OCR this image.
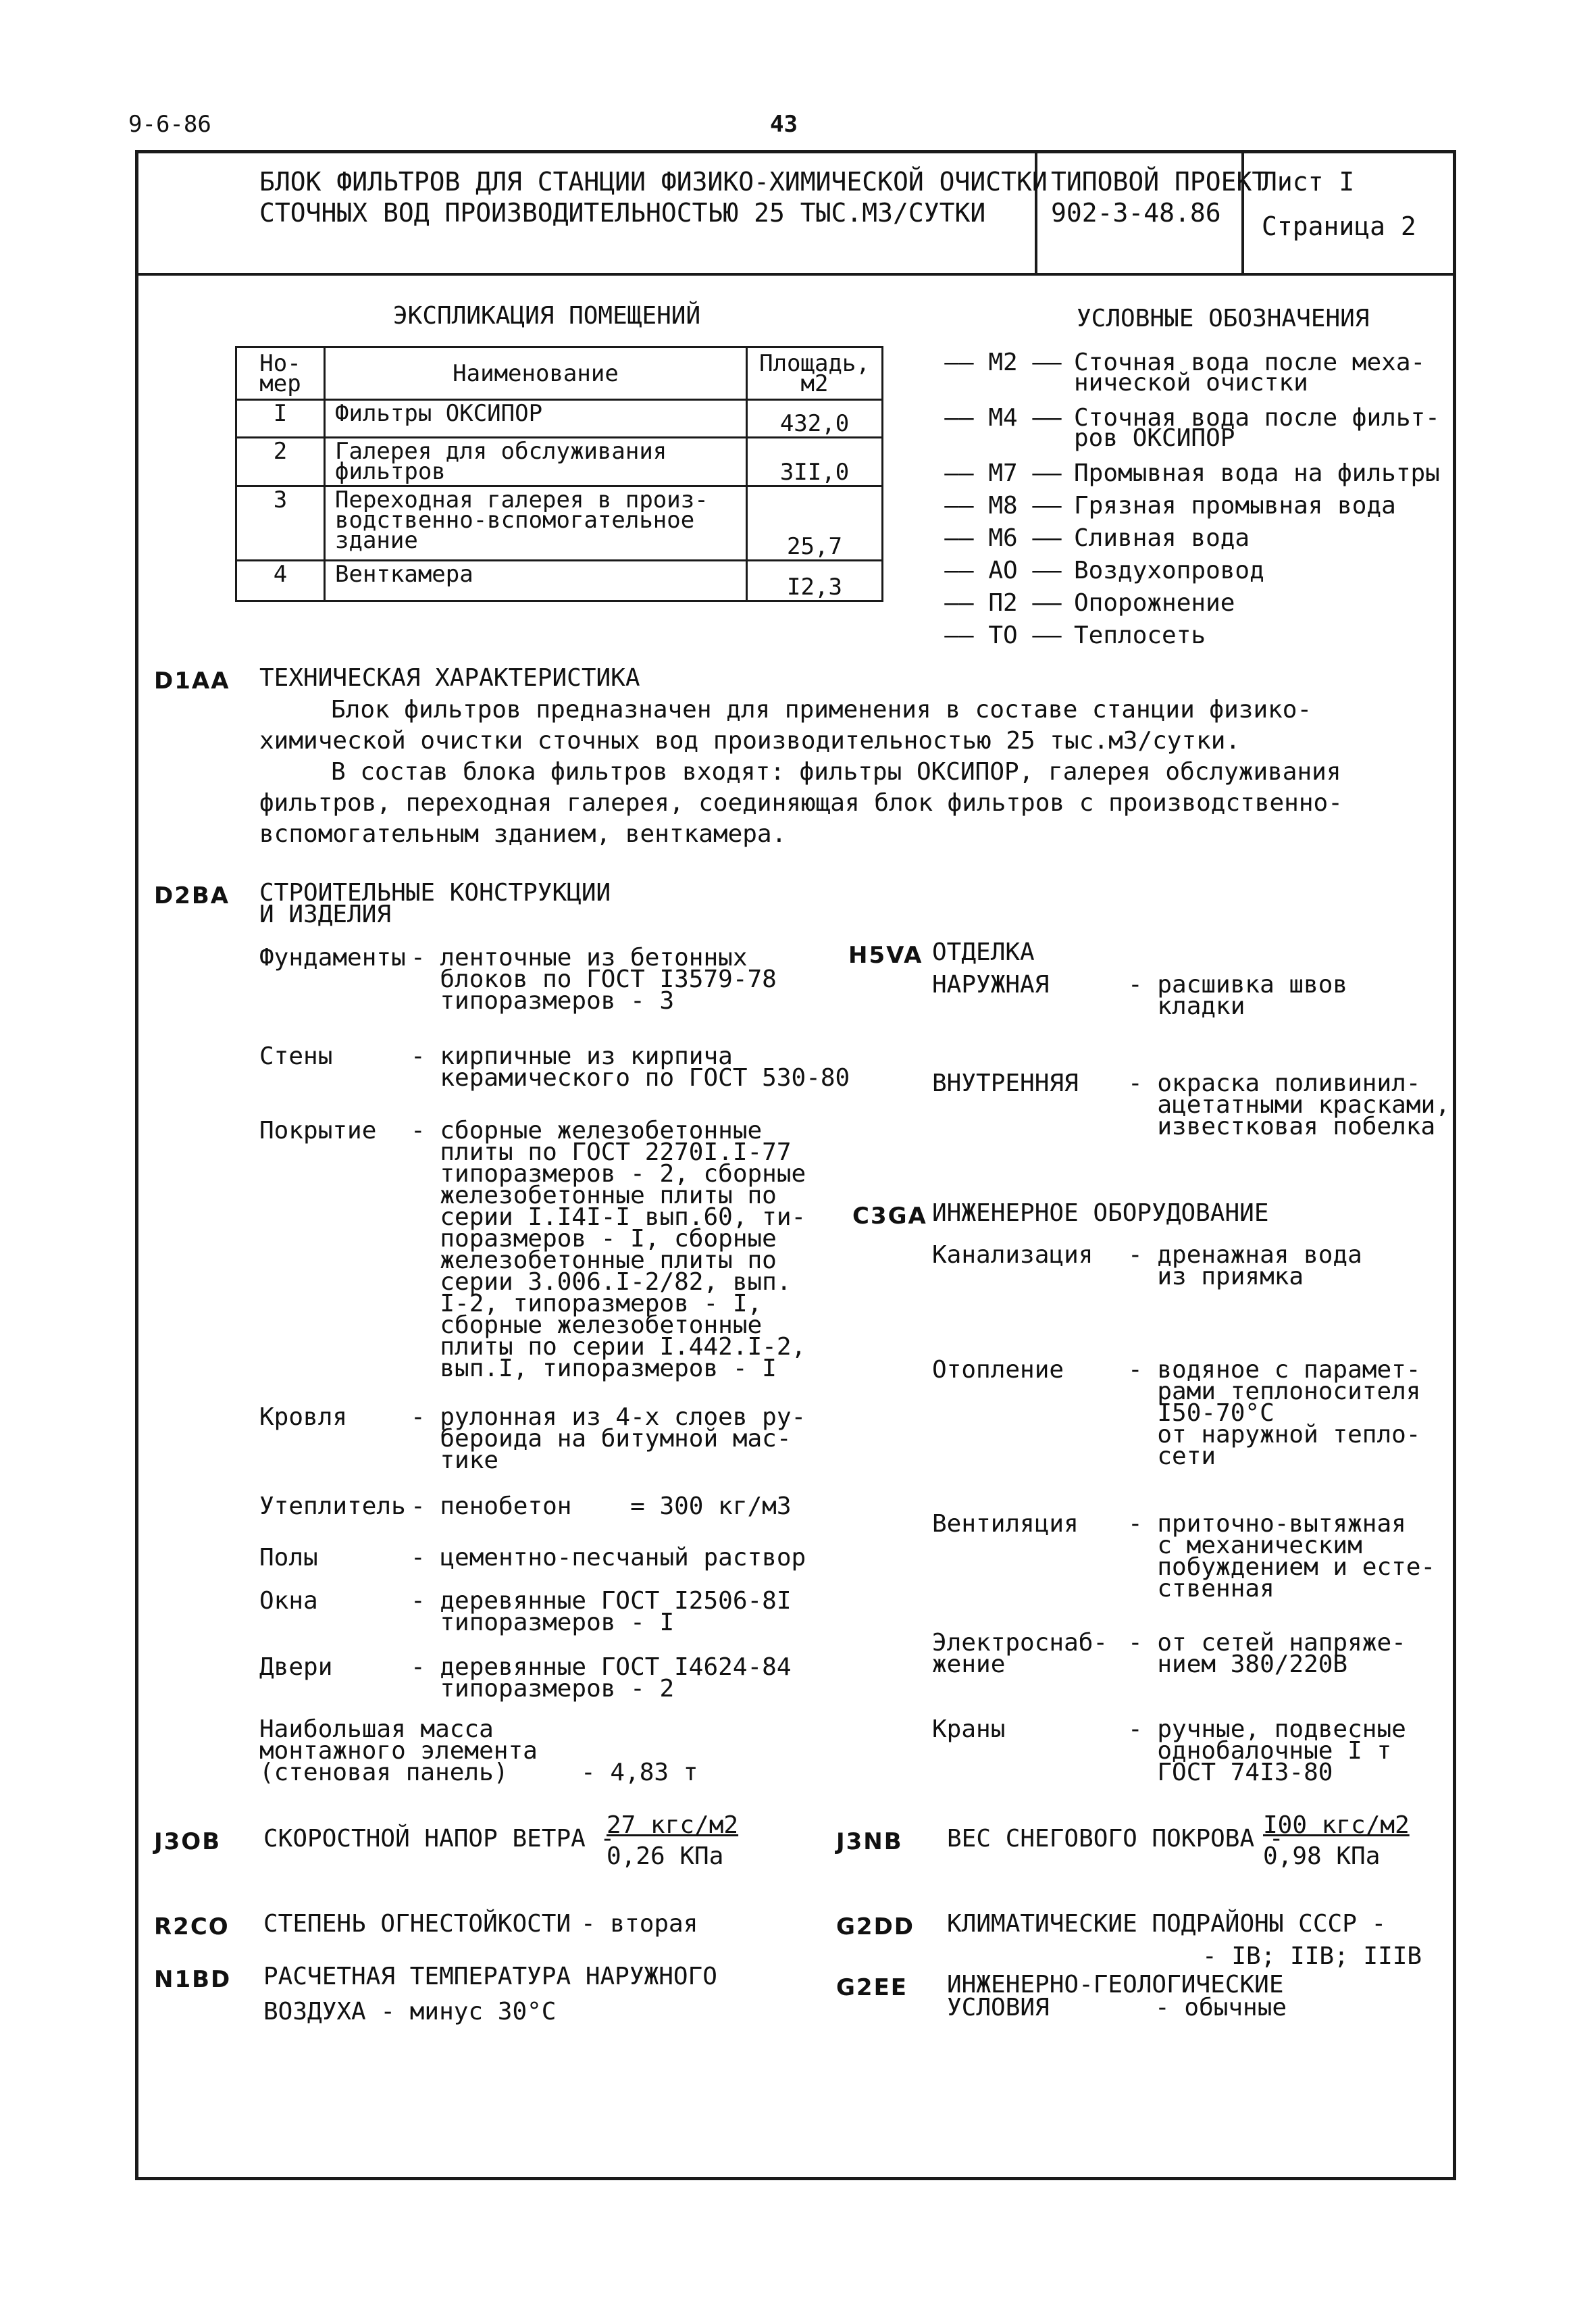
9-6-86	43
БЛОК ФИЛЬТРОВ ДЛЯ СТАНЦИИ ФИЗИКО-ХИМИЧЕСКОЙ ОЧИСТКИ
СТОЧНЫХ ВОД ПРОИЗВОДИТЕЛЬНОСТЬЮ 25 ТЫС.М3/СУТКИ
ТИПОВОЙ ПРОЕКТ
902-3-48.86
Лист I
Страница 2
ЭКСПЛИКАЦИЯ ПОМЕЩЕНИЙ
Но-
мер	Наименование	Площадь,
м2
I	Фильтры ОКСИПОР	432,0
2	Галерея для обслуживания
фильтров	3II,0
3	Переходная галерея в произ-
водственно-вспомогательное
здание	25,7
4	Венткамера	I2,3
УСЛОВНЫЕ ОБОЗНАЧЕНИЯ
—— М2 —— Сточная вода после меха-
нической очистки
—— М4 —— Сточная вода после фильт-
ров ОКСИПОР
—— М7 —— Промывная вода на фильтры
—— М8 —— Грязная промывная вода
—— М6 —— Сливная вода
—— АО —— Воздухопровод
—— П2 —— Опорожнение
—— ТО —— Теплосеть
D1AA ТЕХНИЧЕСКАЯ ХАРАКТЕРИСТИКА
Блок фильтров предназначен для применения в составе станции физико-химической очистки сточных вод производительностью 25 тыс.м3/сутки.
В состав блока фильтров входят: фильтры ОКСИПОР, галерея обслуживания фильтров, переходная галерея, соединяющая блок фильтров с производственно-вспомогательным зданием, венткамера.
D2BA СТРОИТЕЛЬНЫЕ КОНСТРУКЦИИ
И ИЗДЕЛИЯ
Фундаменты - ленточные из бетонных
блоков по ГОСТ I3579-78
типоразмеров - 3
Стены	- кирпичные из кирпича
керамического по ГОСТ 530-80
Покрытие - сборные железобетонные
плиты по ГОСТ 2270I.I-77
типоразмеров - 2, сборные
железобетонные плиты по
серии I.I4I-I вып.60, ти-
поразмеров - I, сборные
железобетонные плиты по
серии 3.006.I-2/82, вып.
I-2, типоразмеров - I,
сборные железобетонные
плиты по серии I.442.I-2,
вып.I, типоразмеров - I
Кровля	- рулонная из 4-х слоев ру-
бероида на битумной мас-
тике
Утеплитель - пенобетон    = 300 кг/м3
Полы	- цементно-песчаный раствор
Окна	- деревянные ГОСТ I2506-8I
типоразмеров - I
Двери	- деревянные ГОСТ I4624-84
типоразмеров - 2
Наибольшая масса
монтажного элемента
(стеновая панель)	- 4,83 т
H5VA ОТДЕЛКА
НАРУЖНАЯ	- расшивка швов
кладки
ВНУТРЕННЯЯ - окраска поливинил-
ацетатными красками,
известковая побелка
C3GA ИНЖЕНЕРНОЕ ОБОРУДОВАНИЕ
Канализация - дренажная вода
из приямка
Отопление	- водяное с парамет-
рами теплоносителя
I50-70°С
от наружной тепло-
сети
Вентиляция - приточно-вытяжная
с механическим
побуждением и есте-
ственная
Электроснаб-
жение
- от сетей напряже-
нием 380/220В
Краны	- ручные, подвесные
однобалочные I т
ГОСТ 74I3-80
J3OB СКОРОСТНОЙ НАПОР ВЕТРА -
27 кгс/м2
0,26 КПа
J3NB ВЕС СНЕГОВОГО ПОКРОВА -
I00 кгс/м2
0,98 КПа
R2CO СТЕПЕНЬ ОГНЕСТОЙКОСТИ - вторая	G2DD КЛИМАТИЧЕСКИЕ ПОДРАЙОНЫ СССР -
- IB; IIB; IIIB
N1BD РАСЧЕТНАЯ ТЕМПЕРАТУРА НАРУЖНОГО
ВОЗДУХА - минус 30°С
G2EE ИНЖЕНЕРНО-ГЕОЛОГИЧЕСКИЕ
УСЛОВИЯ	- обычные
